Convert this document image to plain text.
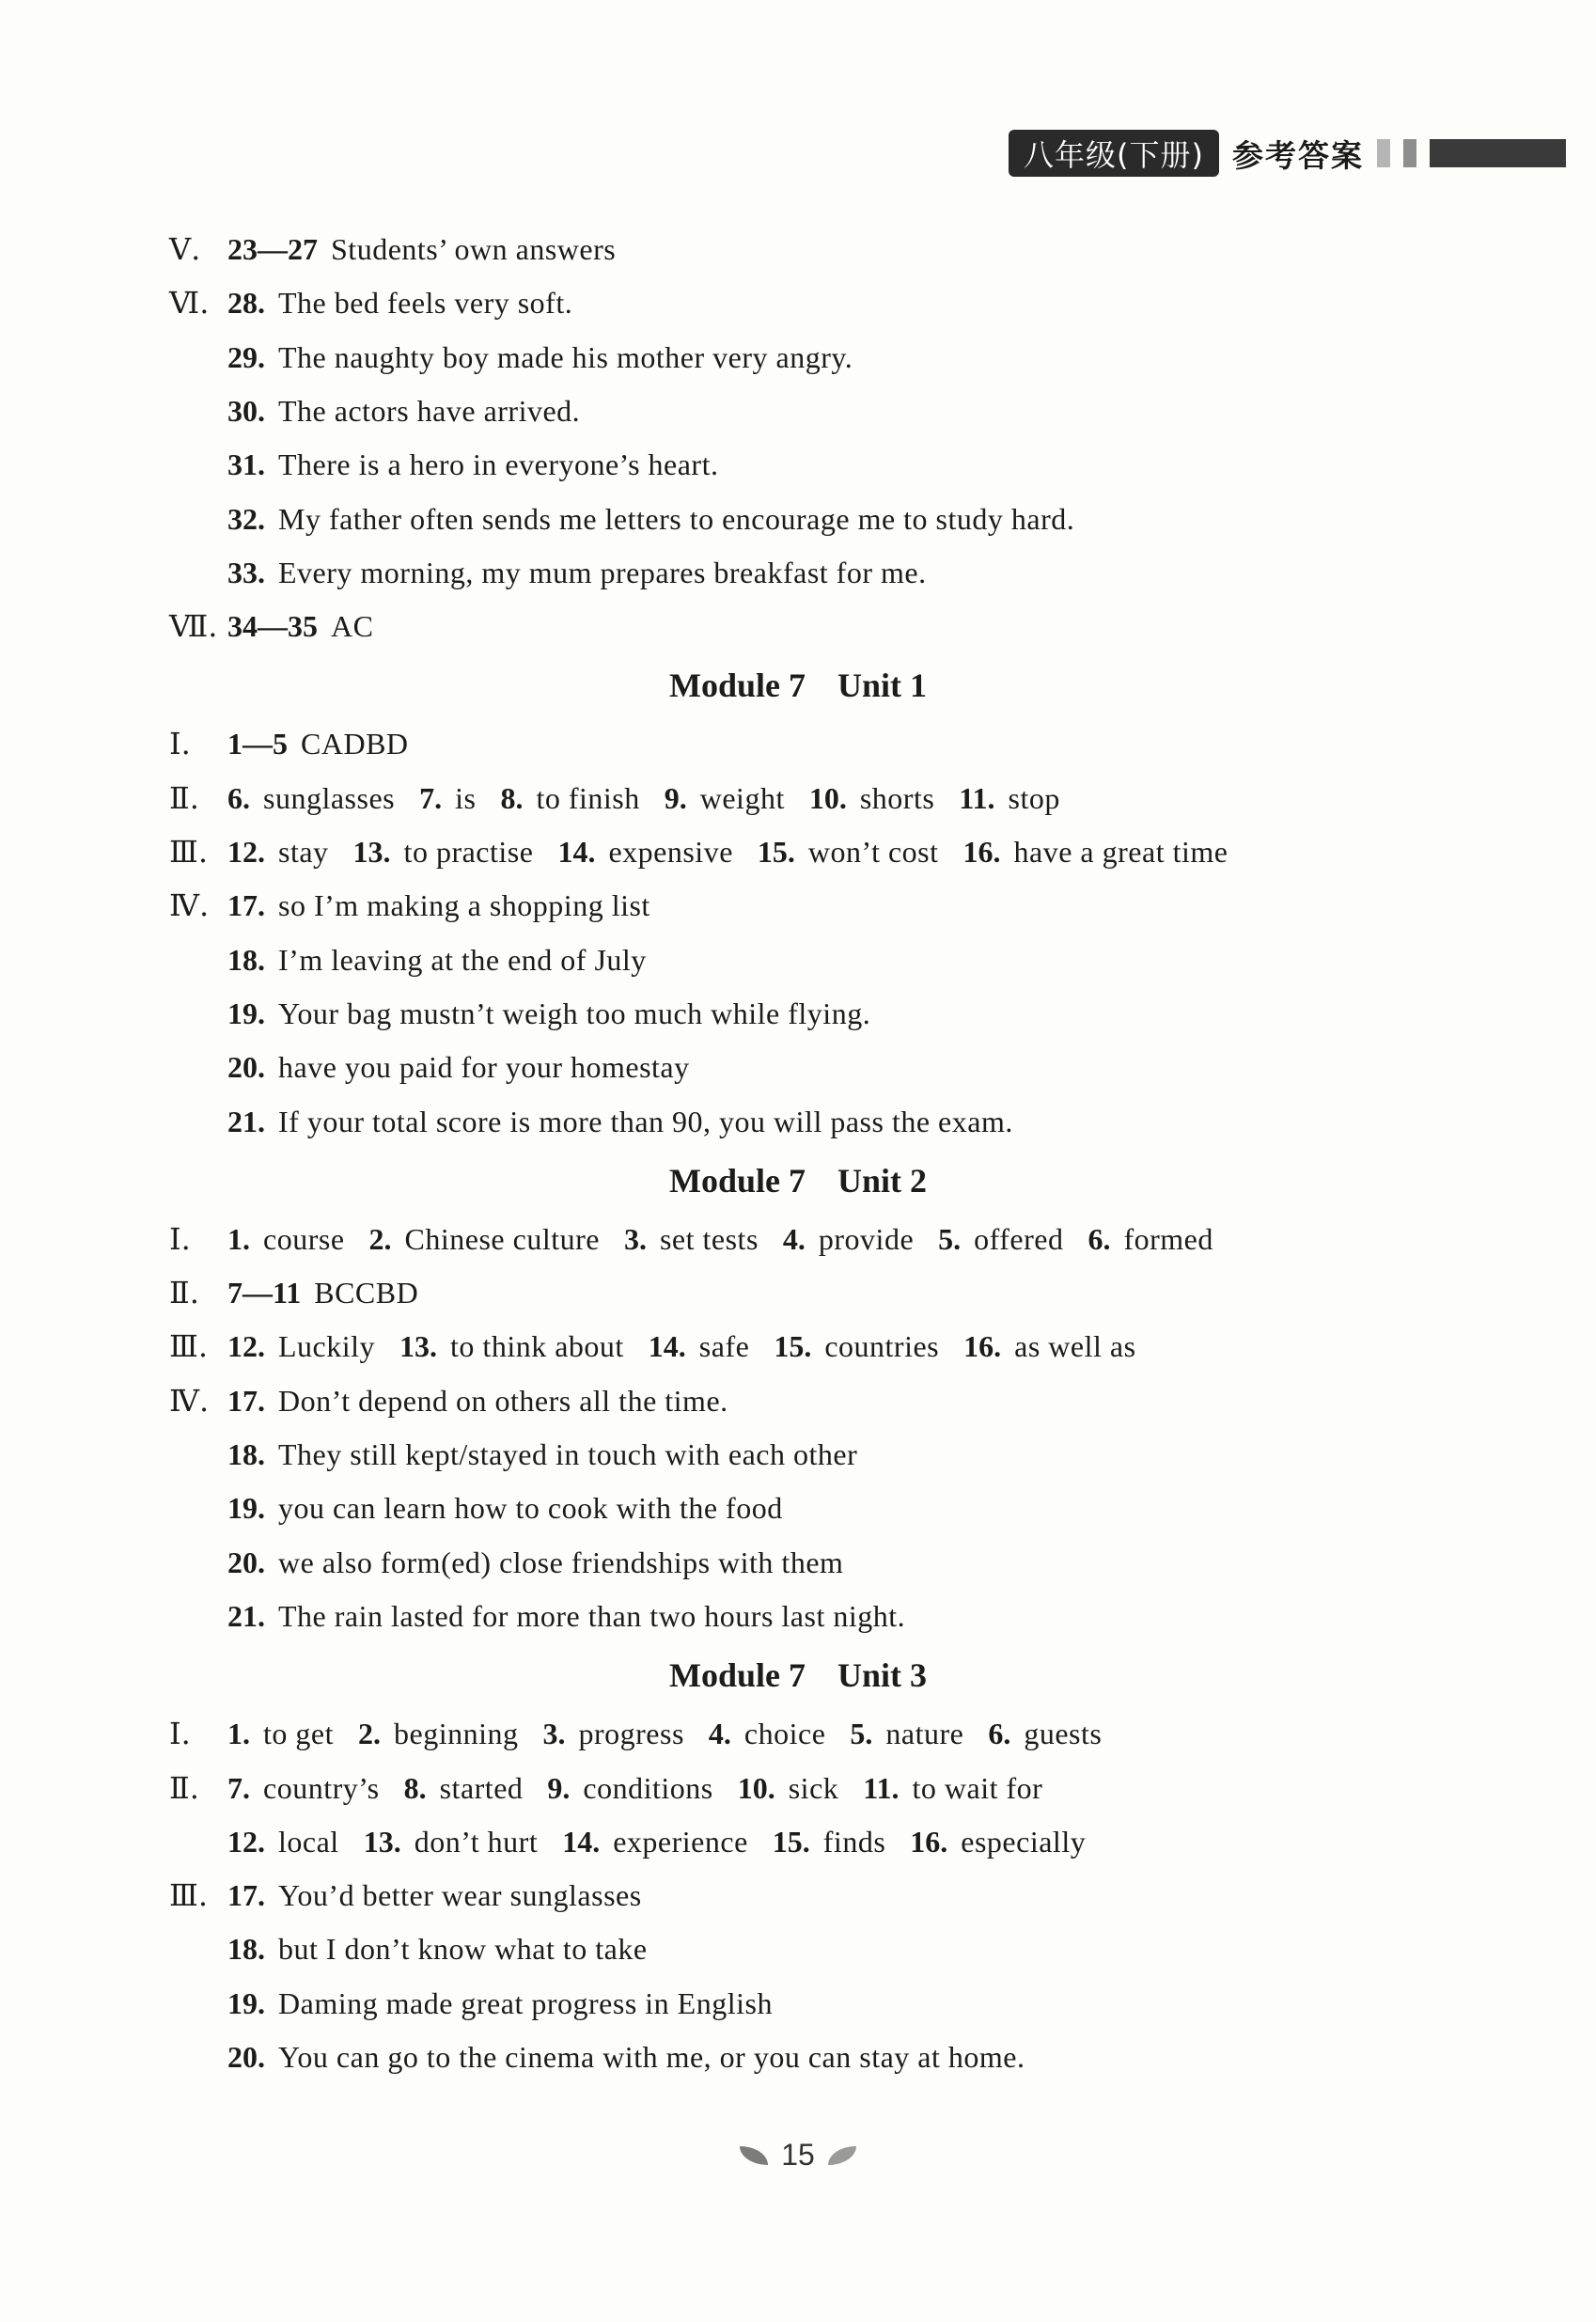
八年级(下册) 参考答案
Ⅴ. 23—27 Students’ own answers
Ⅵ. 28. The bed feels very soft.
29. The naughty boy made his mother very angry.
30. The actors have arrived.
31. There is a hero in everyone’s heart.
32. My father often sends me letters to encourage me to study hard.
33. Every morning, my mum prepares breakfast for me.
Ⅶ. 34—35 AC
Module 7 Unit 1
Ⅰ. 1—5 CADBD
Ⅱ. 6. sunglasses 7. is 8. to finish 9. weight 10. shorts 11. stop
Ⅲ. 12. stay 13. to practise 14. expensive 15. won’t cost 16. have a great time
Ⅳ. 17. so I’m making a shopping list
18. I’m leaving at the end of July
19. Your bag mustn’t weigh too much while flying.
20. have you paid for your homestay
21. If your total score is more than 90, you will pass the exam.
Module 7 Unit 2
Ⅰ. 1. course 2. Chinese culture 3. set tests 4. provide 5. offered 6. formed
Ⅱ. 7—11 BCCBD
Ⅲ. 12. Luckily 13. to think about 14. safe 15. countries 16. as well as
Ⅳ. 17. Don’t depend on others all the time.
18. They still kept/stayed in touch with each other
19. you can learn how to cook with the food
20. we also form(ed) close friendships with them
21. The rain lasted for more than two hours last night.
Module 7 Unit 3
Ⅰ. 1. to get 2. beginning 3. progress 4. choice 5. nature 6. guests
Ⅱ. 7. country’s 8. started 9. conditions 10. sick 11. to wait for
12. local 13. don’t hurt 14. experience 15. finds 16. especially
Ⅲ. 17. You’d better wear sunglasses
18. but I don’t know what to take
19. Daming made great progress in English
20. You can go to the cinema with me, or you can stay at home.
15
